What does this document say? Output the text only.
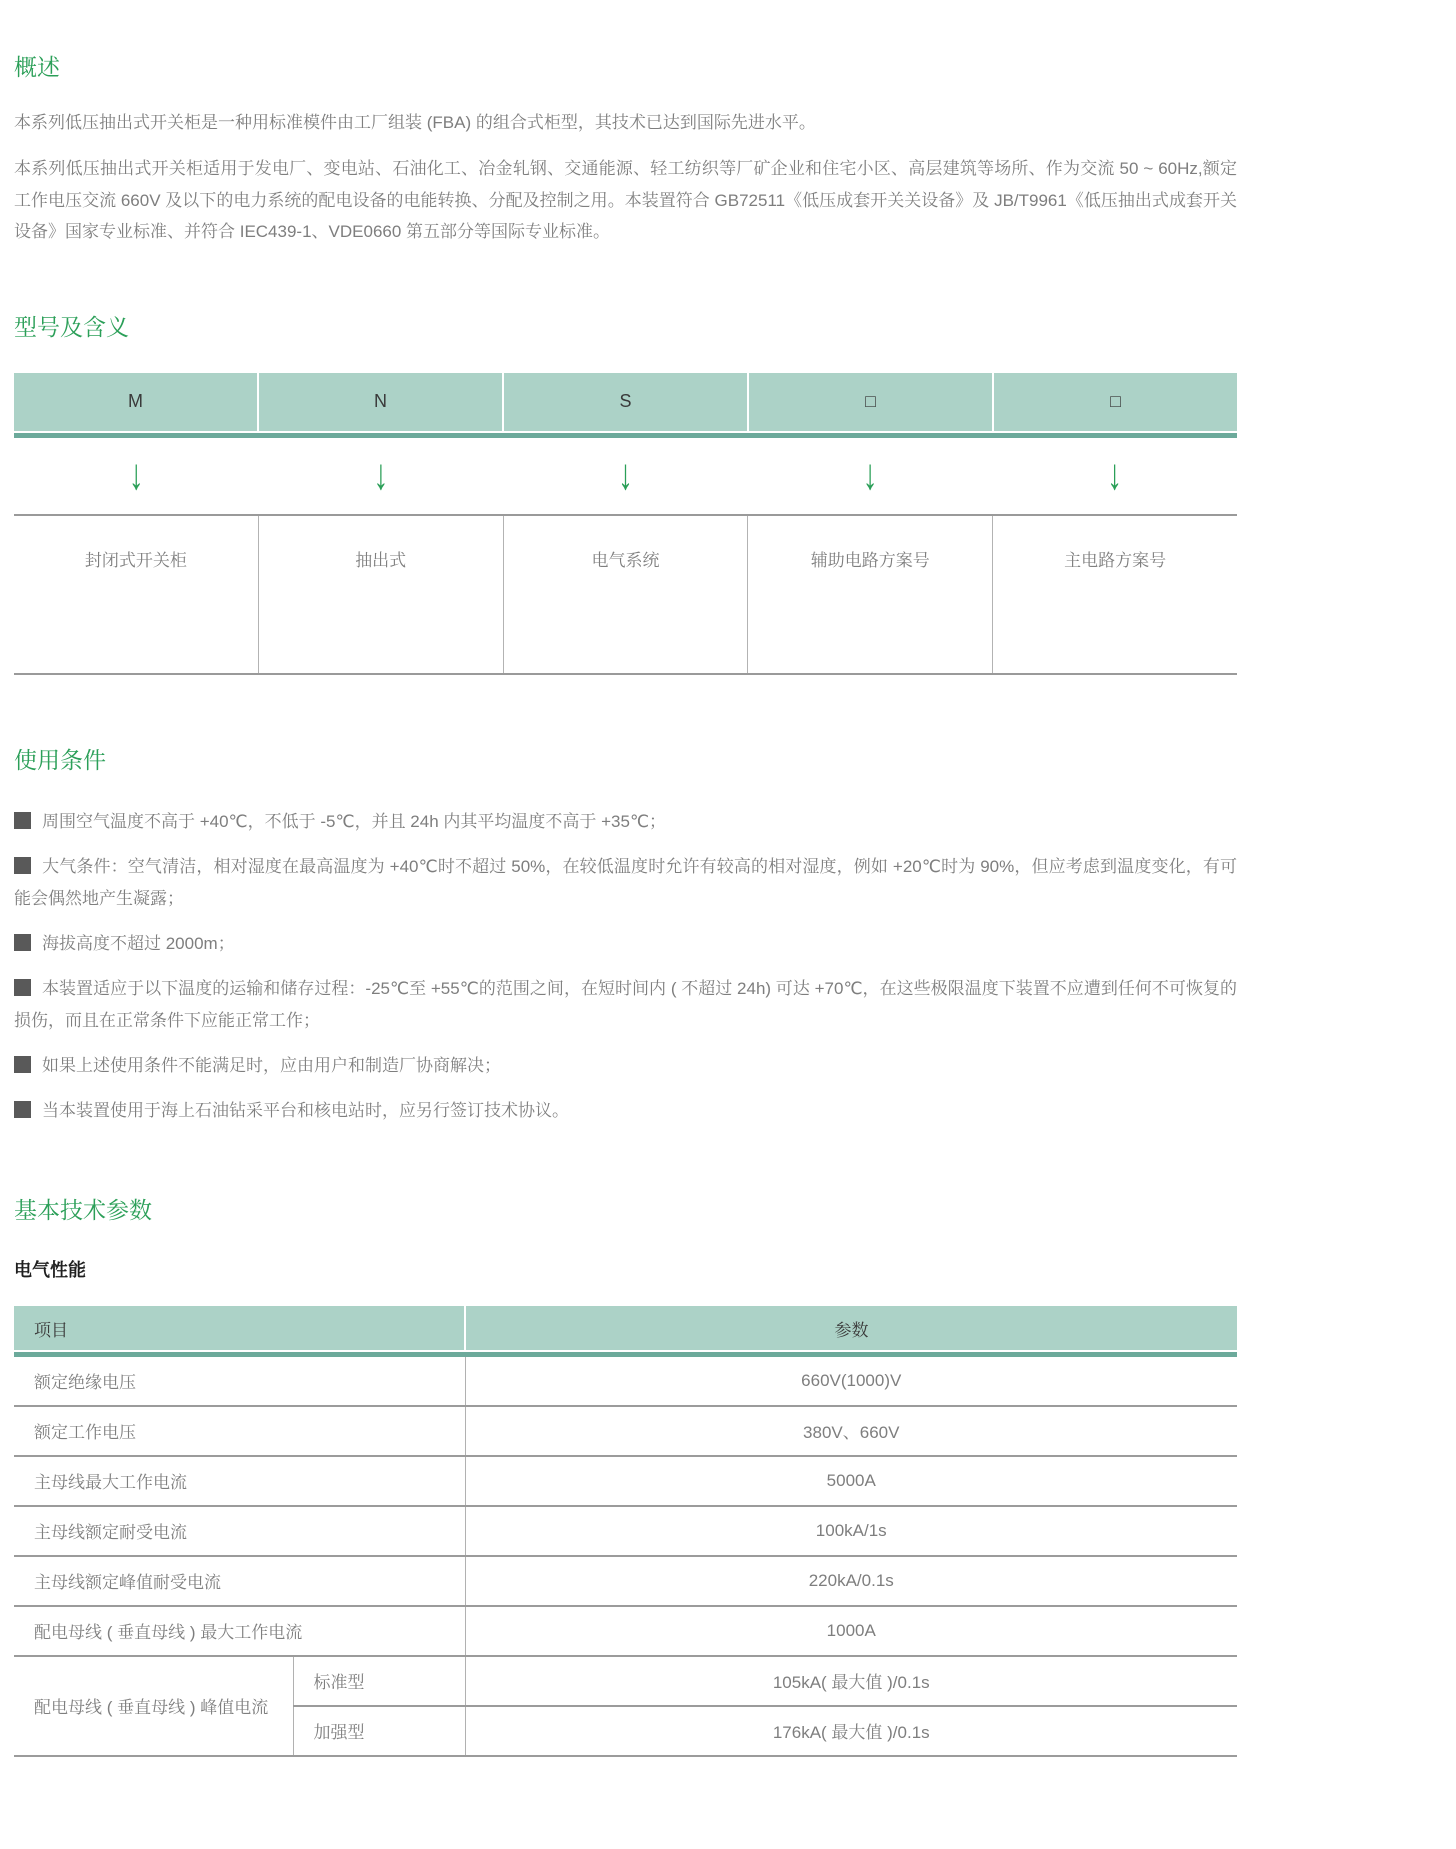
概述

本系列低压抽出式开关柜是一种用标准模件由工厂组装 (FBA) 的组合式柜型，其技术已达到国际先进水平。

本系列低压抽出式开关柜适用于发电厂、变电站、石油化工、冶金轧钢、交通能源、轻工纺织等厂矿企业和住宅小区、高层建筑等场所、作为交流 50 ~ 60Hz,额定工作电压交流 660V 及以下的电力系统的配电设备的电能转换、分配及控制之用。本装置符合 GB72511《低压成套开关关设备》及 JB/T9961《低压抽出式成套开关设备》国家专业标准、并符合 IEC439-1、VDE0660 第五部分等国际专业标准。

型号及含义
M	N	S	□	□
↓	↓	↓	↓	↓
封闭式开关柜	抽出式	电气系统	辅助电路方案号	主电路方案号
使用条件
周围空气温度不高于 +40℃，不低于 -5℃，并且 24h 内其平均温度不高于 +35℃；
大气条件：空气清洁，相对湿度在最高温度为 +40℃时不超过 50%，在较低温度时允许有较高的相对湿度，例如 +20℃时为 90%，但应考虑到温度变化，有可能会偶然地产生凝露；
海拔高度不超过 2000m；
本装置适应于以下温度的运输和储存过程：-25℃至 +55℃的范围之间，在短时间内 ( 不超过 24h) 可达 +70℃，在这些极限温度下装置不应遭到任何不可恢复的损伤，而且在正常条件下应能正常工作；
如果上述使用条件不能满足时，应由用户和制造厂协商解决；
当本装置使用于海上石油钻采平台和核电站时，应另行签订技术协议。
基本技术参数
电气性能
项目		参数
额定绝缘电压		660V(1000)V
额定工作电压		380V、660V
主母线最大工作电流		5000A
主母线额定耐受电流		100kA/1s
主母线额定峰值耐受电流		220kA/0.1s
配电母线 ( 垂直母线 ) 最大工作电流		1000A
配电母线 ( 垂直母线 ) 峰值电流	标准型	105kA( 最大值 )/0.1s
	加强型	176kA( 最大值 )/0.1s
